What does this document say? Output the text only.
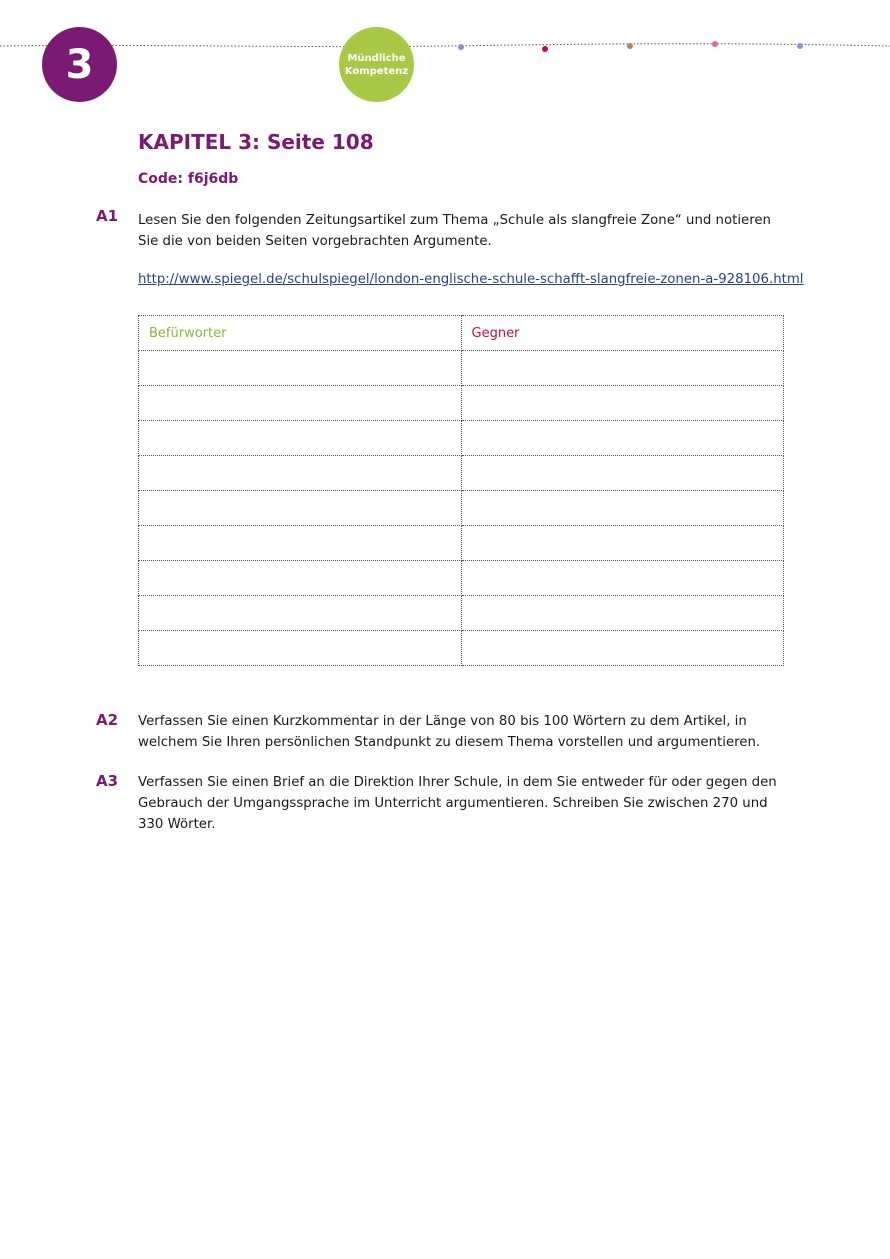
3	Mündliche
Kompetenz
KAPITEL 3: Seite 108

Code: f6j6db

A1 Lesen Sie den folgenden Zeitungsartikel zum Thema „Schule als slangfreie Zone“ und notieren Sie die von beiden Seiten vorgebrachten Argumente.
http://www.spiegel.de/schulspiegel/london-englische-schule-schafft-slangfreie-zonen-a-928106.html
Befürworter	Gegner

A2 Verfassen Sie einen Kurzkommentar in der Länge von 80 bis 100 Wörtern zu dem Artikel, in welchem Sie Ihren persönlichen Standpunkt zu diesem Thema vorstellen und argumentieren.
A3 Verfassen Sie einen Brief an die Direktion Ihrer Schule, in dem Sie entweder für oder gegen den Gebrauch der Umgangssprache im Unterricht argumentieren. Schreiben Sie zwischen 270 und 330 Wörter.
